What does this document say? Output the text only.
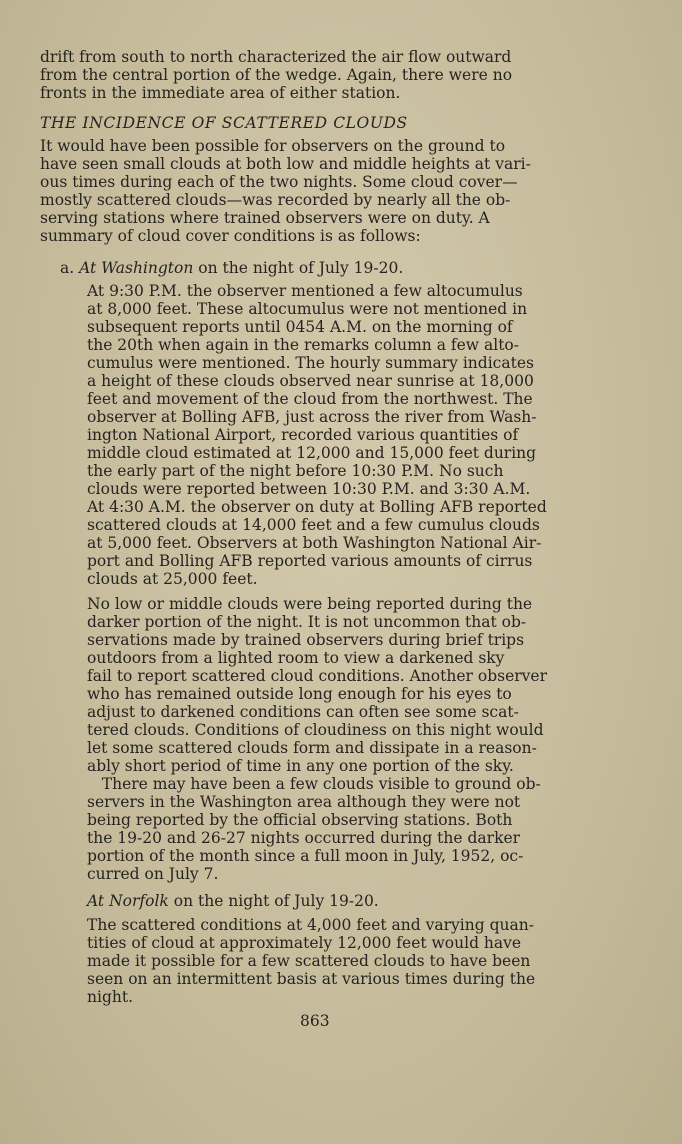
drift from south to north characterized the air flow outward
from the central portion of the wedge. Again, there were no
fronts in the immediate area of either station.
THE INCIDENCE OF SCATTERED CLOUDS
It would have been possible for observers on the ground to
have seen small clouds at both low and middle heights at vari-
ous times during each of the two nights. Some cloud cover—
mostly scattered clouds—was recorded by nearly all the ob-
serving stations where trained observers were on duty. A
summary of cloud cover conditions is as follows:
a. At Washington on the night of July 19-20.
At 9:30 P.M. the observer mentioned a few altocumulus
at 8,000 feet. These altocumulus were not mentioned in
subsequent reports until 0454 A.M. on the morning of
the 20th when again in the remarks column a few alto-
cumulus were mentioned. The hourly summary indicates
a height of these clouds observed near sunrise at 18,000
feet and movement of the cloud from the northwest. The
observer at Bolling AFB, just across the river from Wash-
ington National Airport, recorded various quantities of
middle cloud estimated at 12,000 and 15,000 feet during
the early part of the night before 10:30 P.M. No such
clouds were reported between 10:30 P.M. and 3:30 A.M.
At 4:30 A.M. the observer on duty at Bolling AFB reported
scattered clouds at 14,000 feet and a few cumulus clouds
at 5,000 feet. Observers at both Washington National Air-
port and Bolling AFB reported various amounts of cirrus
clouds at 25,000 feet.
No low or middle clouds were being reported during the
darker portion of the night. It is not uncommon that ob-
servations made by trained observers during brief trips
outdoors from a lighted room to view a darkened sky
fail to report scattered cloud conditions. Another observer
who has remained outside long enough for his eyes to
adjust to darkened conditions can often see some scat-
tered clouds. Conditions of cloudiness on this night would
let some scattered clouds form and dissipate in a reason-
ably short period of time in any one portion of the sky.
There may have been a few clouds visible to ground ob-
servers in the Washington area although they were not
being reported by the official observing stations. Both
the 19-20 and 26-27 nights occurred during the darker
portion of the month since a full moon in July, 1952, oc-
curred on July 7.
At Norfolk on the night of July 19-20.
The scattered conditions at 4,000 feet and varying quan-
tities of cloud at approximately 12,000 feet would have
made it possible for a few scattered clouds to have been
seen on an intermittent basis at various times during the
night.
863
